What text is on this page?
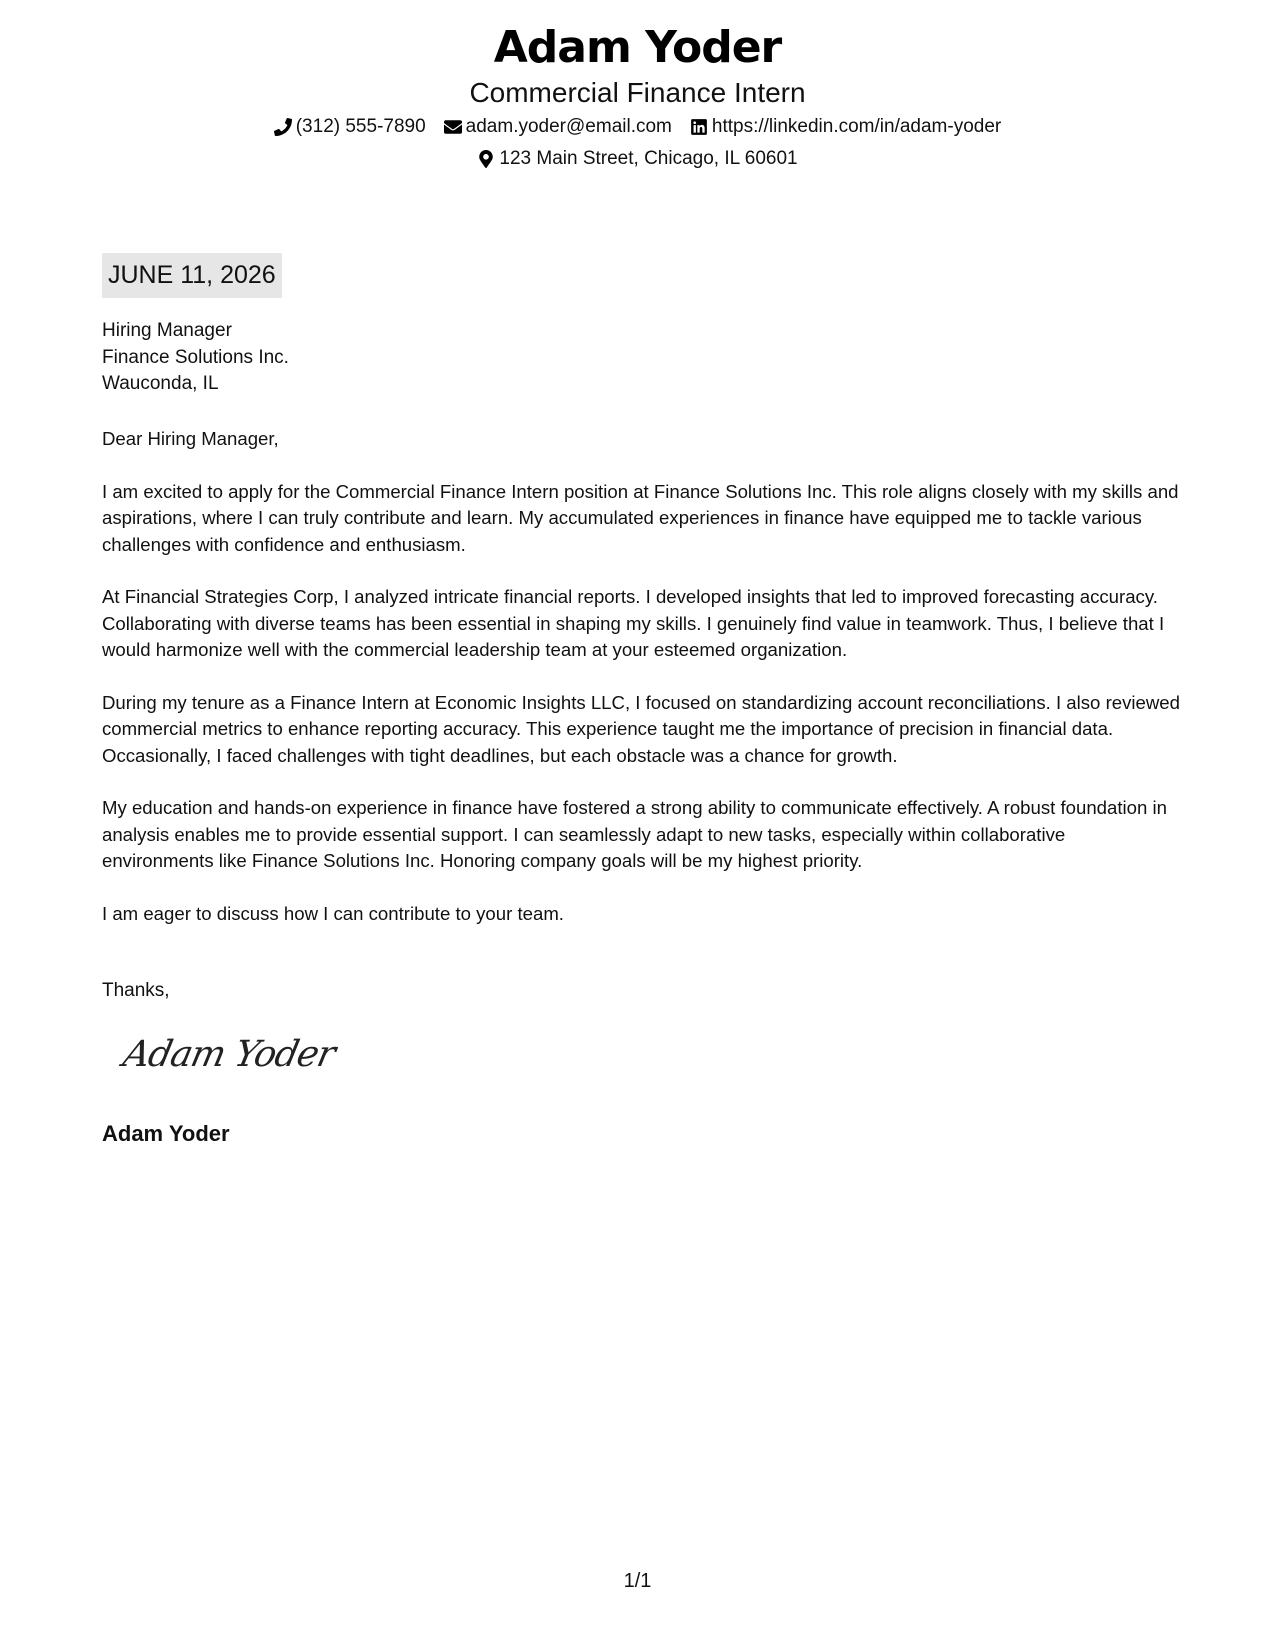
Adam Yoder
Commercial Finance Intern
(312) 555-7890 adam.yoder@email.com https://linkedin.com/in/adam-yoder
123 Main Street, Chicago, IL 60601
JUNE 11, 2026
Hiring Manager
Finance Solutions Inc.
Wauconda, IL

Dear Hiring Manager,

I am excited to apply for the Commercial Finance Intern position at Finance Solutions Inc. This role aligns closely with my skills and aspirations, where I can truly contribute and learn. My accumulated experiences in finance have equipped me to tackle various challenges with confidence and enthusiasm.

At Financial Strategies Corp, I analyzed intricate financial reports. I developed insights that led to improved forecasting accuracy. Collaborating with diverse teams has been essential in shaping my skills. I genuinely find value in teamwork. Thus, I believe that I would harmonize well with the commercial leadership team at your esteemed organization.

During my tenure as a Finance Intern at Economic Insights LLC, I focused on standardizing account reconciliations. I also reviewed commercial metrics to enhance reporting accuracy. This experience taught me the importance of precision in financial data. Occasionally, I faced challenges with tight deadlines, but each obstacle was a chance for growth.

My education and hands-on experience in finance have fostered a strong ability to communicate effectively. A robust foundation in analysis enables me to provide essential support. I can seamlessly adapt to new tasks, especially within collaborative environments like Finance Solutions Inc. Honoring company goals will be my highest priority.

I am eager to discuss how I can contribute to your team.

Thanks,
Adam Yoder
Adam Yoder
1/1
